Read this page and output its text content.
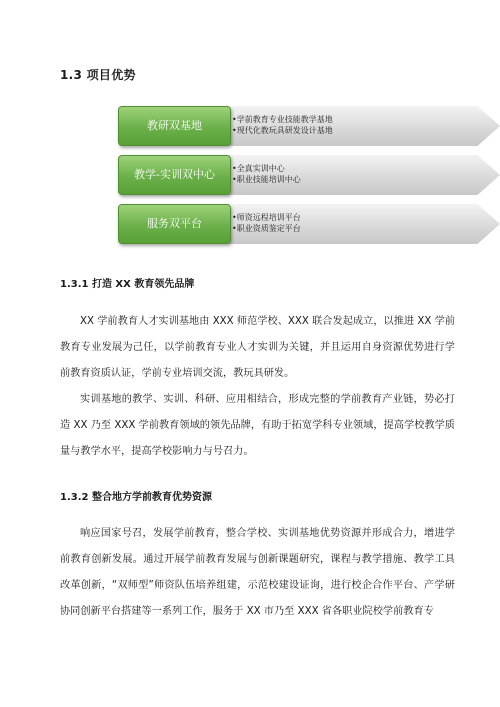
1.3 项目优势
教研双基地
教学-实训双中心
服务双平台
•学前教育专业技能教学基地
•现代化教玩具研发设计基地
•全真实训中心
•职业技能培训中心
•师资远程培训平台
•职业资质鉴定平台
1.3.1 打造 XX 教育领先品牌

XX 学前教育人才实训基地由 XXX 师范学校、XXX 联合发起成立，以推进 XX 学前教育专业发展为己任，以学前教育专业人才实训为关键，并且运用自身资源优势进行学前教育资质认证，学前专业培训交流，教玩具研发。

实训基地的教学、实训、科研、应用相结合，形成完整的学前教育产业链，势必打造 XX 乃至 XXX 学前教育领域的领先品牌，有助于拓宽学科专业领域，提高学校教学质量与教学水平，提高学校影响力与号召力。

1.3.2 整合地方学前教育优势资源

响应国家号召，发展学前教育，整合学校、实训基地优势资源并形成合力，增进学前教育创新发展。通过开展学前教育发展与创新课题研究，课程与教学措施、教学工具改革创新，“双师型”师资队伍培养组建，示范校建设证询，进行校企合作平台、产学研协同创新平台搭建等一系列工作，服务于 XX 市乃至 XXX 省各职业院校学前教育专
